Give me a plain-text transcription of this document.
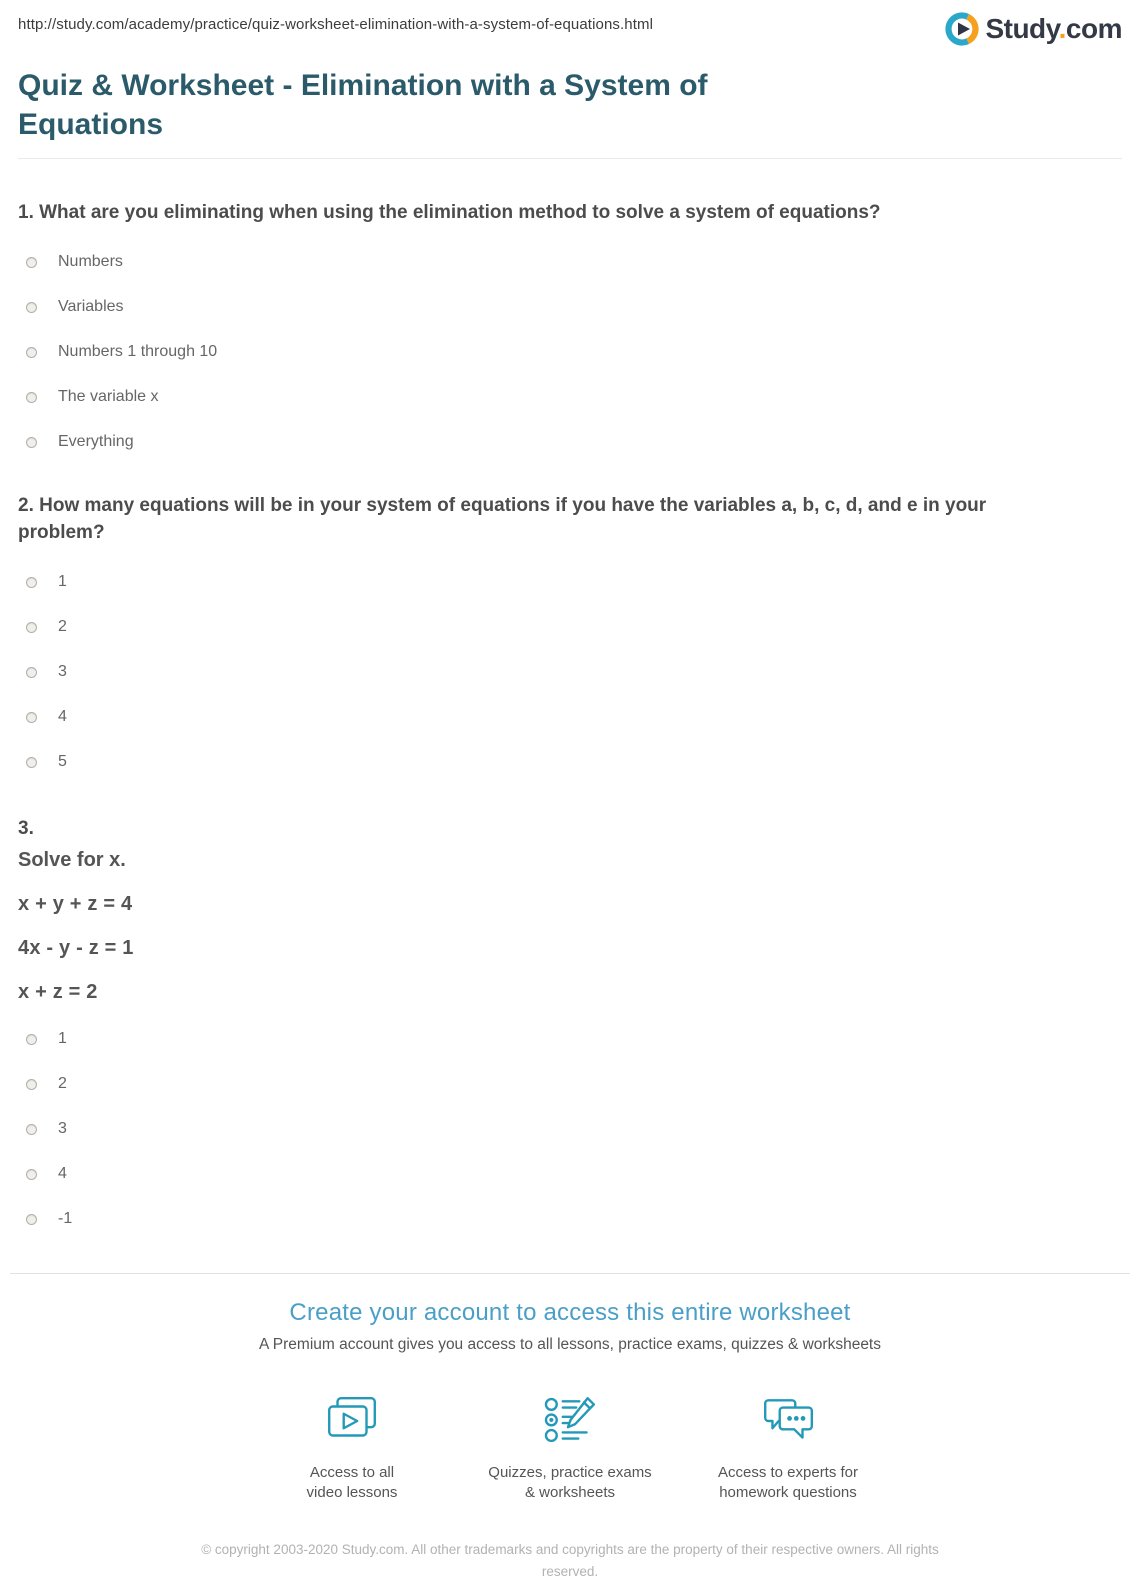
http://study.com/academy/practice/quiz-worksheet-elimination-with-a-system-of-equations.html	Study.com
Quiz & Worksheet - Elimination with a System of Equations
1. What are you eliminating when using the elimination method to solve a system of equations?
Numbers
Variables
Numbers 1 through 10
The variable x
Everything
2. How many equations will be in your system of equations if you have the variables a, b, c, d, and e in your problem?
1
2
3
4
5
3.
Solve for x.
x + y + z = 4
4x - y - z = 1
x + z = 2
1
2
3
4
-1
Create your account to access this entire worksheet
A Premium account gives you access to all lessons, practice exams, quizzes & worksheets
Access to all
video lessons
Quizzes, practice exams
& worksheets
Access to experts for
homework questions
© copyright 2003-2020 Study.com. All other trademarks and copyrights are the property of their respective owners. All rights reserved.
